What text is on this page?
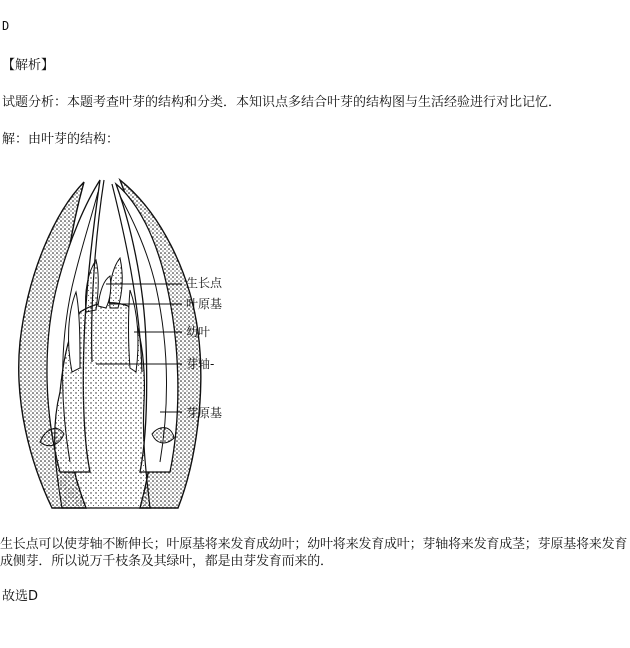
D
【解析】
试题分析：本题考查叶芽的结构和分类．本知识点多结合叶芽的结构图与生活经验进行对比记忆．
解：由叶芽的结构：
生长点
叶原基
幼叶
芽轴-
芽原基
生长点可以使芽轴不断伸长；叶原基将来发育成幼叶；幼叶将来发育成叶；芽轴将来发育成茎；芽原基将来发育成侧芽．所以说万千枝条及其绿叶，都是由芽发育而来的．
故选D
